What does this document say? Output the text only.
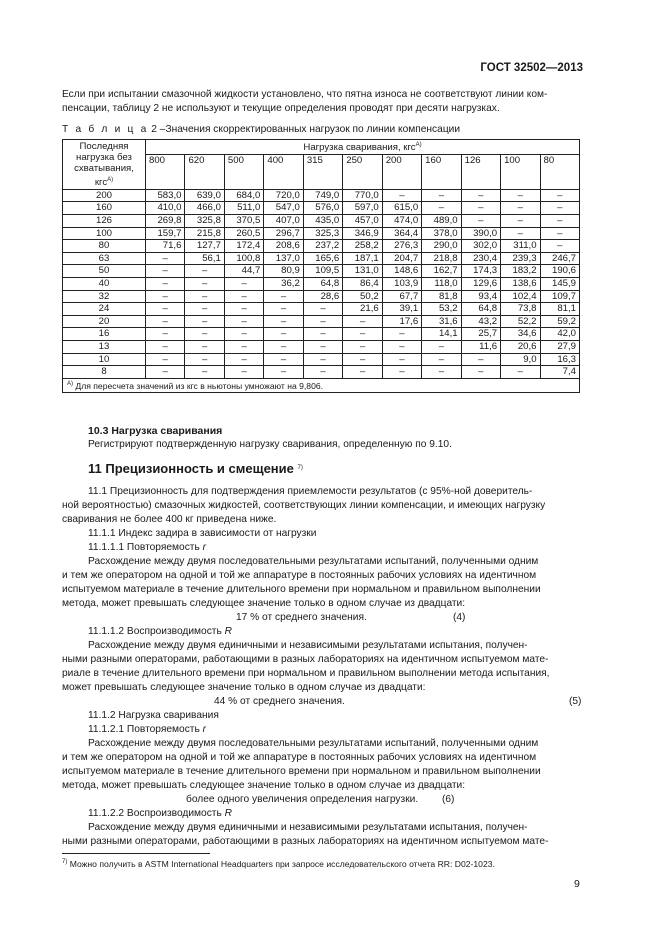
ГОСТ 32502—2013
Если при испытании смазочной жидкости установлено, что пятна износа не соответствуют линии ком-
пенсации, таблицу 2 не используют и текущие определения проводят при десяти нагрузках.
Т а б л и ц а 2 –Значения скорректированных нагрузок по линии компенсации
Последняя
нагрузка без
схватывания,
кгс$^{A)}$	Нагрузка сваривания, кгс$^{A)}$
	800	620	500	400	315	250	200	160	126	100	80
200	583,0	639,0	684,0	720,0	749,0	770,0	–	–	–	–	–
160	410,0	466,0	511,0	547,0	576,0	597,0	615,0	–	–	–	–
126	269,8	325,8	370,5	407,0	435,0	457,0	474,0	489,0	–	–	–
100	159,7	215,8	260,5	296,7	325,3	346,9	364,4	378,0	390,0	–	–
80	71,6	127,7	172,4	208,6	237,2	258,2	276,3	290,0	302,0	311,0	–
63	–	56,1	100,8	137,0	165,6	187,1	204,7	218,8	230,4	239,3	246,7
50	–	–	44,7	80,9	109,5	131,0	148,6	162,7	174,3	183,2	190,6
40	–	–	–	36,2	64,8	86,4	103,9	118,0	129,6	138,6	145,9
32	–	–	–	–	28,6	50,2	67,7	81,8	93,4	102,4	109,7
24	–	–	–	–	–	21,6	39,1	53,2	64,8	73,8	81,1
20	–	–	–	–	–	–	17,6	31,6	43,2	52,2	59,2
16	–	–	–	–	–	–	–	14,1	25,7	34,6	42,0
13	–	–	–	–	–	–	–	–	11,6	20,6	27,9
10	–	–	–	–	–	–	–	–	–	9,0	16,3
8	–	–	–	–	–	–	–	–	–	–	7,4
$^{A)}$ Для пересчета значений из кгс в ньютоны умножают на 9,806.											
10.3 Нагрузка сваривания
Регистрируют подтвержденную нагрузку сваривания, определенную по 9.10.
11 Прецизионность и смещение $^{7)}$
11.1 Прецизионность для подтверждения приемлемости результатов (с 95%-ной доверитель-
ной вероятностью) смазочных жидкостей, соответствующих линии компенсации, и имеющих нагрузку
сваривания не более 400 кг приведена ниже.
11.1.1 Индекс задира в зависимости от нагрузки
11.1.1.1 Повторяемость r
Расхождение между двумя последовательными результатами испытаний, полученными одним
и тем же оператором на одной и той же аппаратуре в постоянных рабочих условиях на идентичном
испытуемом материале в течение длительного времени при нормальном и правильном выполнении
метода, может превышать следующее значение только в одном случае из двадцати:
17 % от среднего значения.	(4)
11.1.1.2 Воспроизводимость R
Расхождение между двумя единичными и независимыми результатами испытания, получен-
ными разными операторами, работающими в разных лабораториях на идентичном испытуемом мате-
риале в течение длительного времени при нормальном и правильном выполнении метода испытания,
может превышать следующее значение только в одном случае из двадцати:
44 % от среднего значения.	(5)
11.1.2 Нагрузка сваривания
11.1.2.1 Повторяемость r
Расхождение между двумя последовательными результатами испытаний, полученными одним
и тем же оператором на одной и той же аппаратуре в постоянных рабочих условиях на идентичном
испытуемом материале в течение длительного времени при нормальном и правильном выполнении
метода, может превышать следующее значение только в одном случае из двадцати:
более одного увеличения определения нагрузки. (6)
11.1.2.2 Воспроизводимость R
Расхождение между двумя единичными и независимыми результатами испытания, получен-
ными разными операторами, работающими в разных лабораториях на идентичном испытуемом мате-
$^{7)}$ Можно получить в ASTM International Headquarters при запросе исследовательского отчета RR: D02-1023.
9
